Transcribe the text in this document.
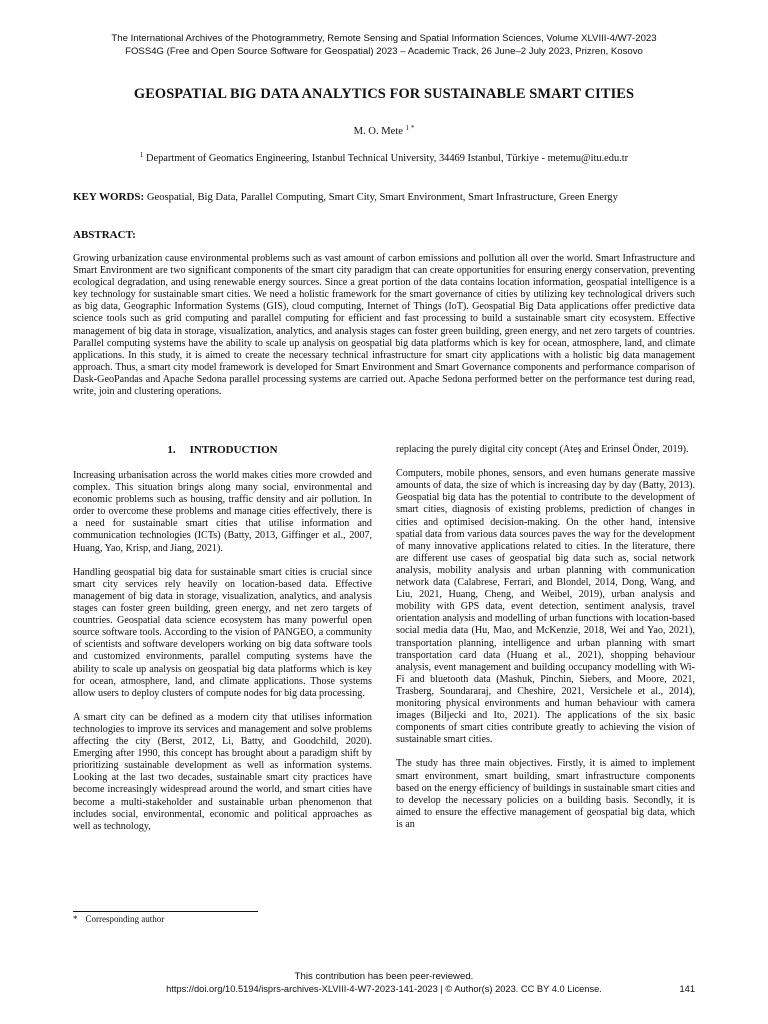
The International Archives of the Photogrammetry, Remote Sensing and Spatial Information Sciences, Volume XLVIII-4/W7-2023
FOSS4G (Free and Open Source Software for Geospatial) 2023 – Academic Track, 26 June–2 July 2023, Prizren, Kosovo
GEOSPATIAL BIG DATA ANALYTICS FOR SUSTAINABLE SMART CITIES
M. O. Mete $^{1 *}$
$^1$ Department of Geomatics Engineering, Istanbul Technical University, 34469 Istanbul, Türkiye - metemu@itu.edu.tr
KEY WORDS: Geospatial, Big Data, Parallel Computing, Smart City, Smart Environment, Smart Infrastructure, Green Energy
ABSTRACT:
Growing urbanization cause environmental problems such as vast amount of carbon emissions and pollution all over the world. Smart Infrastructure and Smart Environment are two significant components of the smart city paradigm that can create opportunities for ensuring energy conservation, preventing ecological degradation, and using renewable energy sources. Since a great portion of the data contains location information, geospatial intelligence is a key technology for sustainable smart cities. We need a holistic framework for the smart governance of cities by utilizing key technological drivers such as big data, Geographic Information Systems (GIS), cloud computing, Internet of Things (IoT). Geospatial Big Data applications offer predictive data science tools such as grid computing and parallel computing for efficient and fast processing to build a sustainable smart city ecosystem. Effective management of big data in storage, visualization, analytics, and analysis stages can foster green building, green energy, and net zero targets of countries. Parallel computing systems have the ability to scale up analysis on geospatial big data platforms which is key for ocean, atmosphere, land, and climate applications. In this study, it is aimed to create the necessary technical infrastructure for smart city applications with a holistic big data management approach. Thus, a smart city model framework is developed for Smart Environment and Smart Governance components and performance comparison of Dask-GeoPandas and Apache Sedona parallel processing systems are carried out. Apache Sedona performed better on the performance test during read, write, join and clustering operations.
1. INTRODUCTION

Increasing urbanisation across the world makes cities more crowded and complex. This situation brings along many social, environmental and economic problems such as housing, traffic density and air pollution. In order to overcome these problems and manage cities effectively, there is a need for sustainable smart cities that utilise information and communication technologies (ICTs) (Batty, 2013, Giffinger et al., 2007, Huang, Yao, Krisp, and Jiang, 2021).

Handling geospatial big data for sustainable smart cities is crucial since smart city services rely heavily on location-based data. Effective management of big data in storage, visualization, analytics, and analysis stages can foster green building, green energy, and net zero targets of countries. Geospatial data science ecosystem has many powerful open source software tools. According to the vision of PANGEO, a community of scientists and software developers working on big data software tools and customized environments, parallel computing systems have the ability to scale up analysis on geospatial big data platforms which is key for ocean, atmosphere, land, and climate applications. Those systems allow users to deploy clusters of compute nodes for big data processing.

A smart city can be defined as a modern city that utilises information technologies to improve its services and management and solve problems affecting the city (Berst, 2012, Li, Batty, and Goodchild, 2020). Emerging after 1990, this concept has brought about a paradigm shift by prioritizing sustainable development as well as information systems. Looking at the last two decades, sustainable smart city practices have become increasingly widespread around the world, and smart cities have become a multi-stakeholder and sustainable urban phenomenon that includes social, environmental, economic and political approaches as well as technology,

replacing the purely digital city concept (Ateş and Erinsel Önder, 2019).

Computers, mobile phones, sensors, and even humans generate massive amounts of data, the size of which is increasing day by day (Batty, 2013). Geospatial big data has the potential to contribute to the development of smart cities, diagnosis of existing problems, prediction of changes in cities and optimised decision-making. On the other hand, intensive spatial data from various data sources paves the way for the development of many innovative applications related to cities. In the literature, there are different use cases of geospatial big data such as, social network analysis, mobility analysis and urban planning with communication network data (Calabrese, Ferrari, and Blondel, 2014, Dong, Wang, and Liu, 2021, Huang, Cheng, and Weibel, 2019), urban analysis and mobility with GPS data, event detection, sentiment analysis, travel orientation analysis and modelling of urban functions with location-based social media data (Hu, Mao, and McKenzie, 2018, Wei and Yao, 2021), transportation planning, intelligence and urban planning with smart transportation card data (Huang et al., 2021), shopping behaviour analysis, event management and building occupancy modelling with Wi-Fi and bluetooth data (Mashuk, Pinchin, Siebers, and Moore, 2021, Trasberg, Soundararaj, and Cheshire, 2021, Versichele et al., 2014), monitoring physical environments and human behaviour with camera images (Biljecki and Ito, 2021). The applications of the six basic components of smart cities contribute greatly to achieving the vision of sustainable smart cities.

The study has three main objectives. Firstly, it is aimed to implement smart environment, smart building, smart infrastructure components based on the energy efficiency of buildings in sustainable smart cities and to develop the necessary policies on a building basis. Secondly, it is aimed to ensure the effective management of geospatial big data, which is an

* Corresponding author
This contribution has been peer-reviewed.
https://doi.org/10.5194/isprs-archives-XLVIII-4-W7-2023-141-2023 | © Author(s) 2023. CC BY 4.0 License.	141
